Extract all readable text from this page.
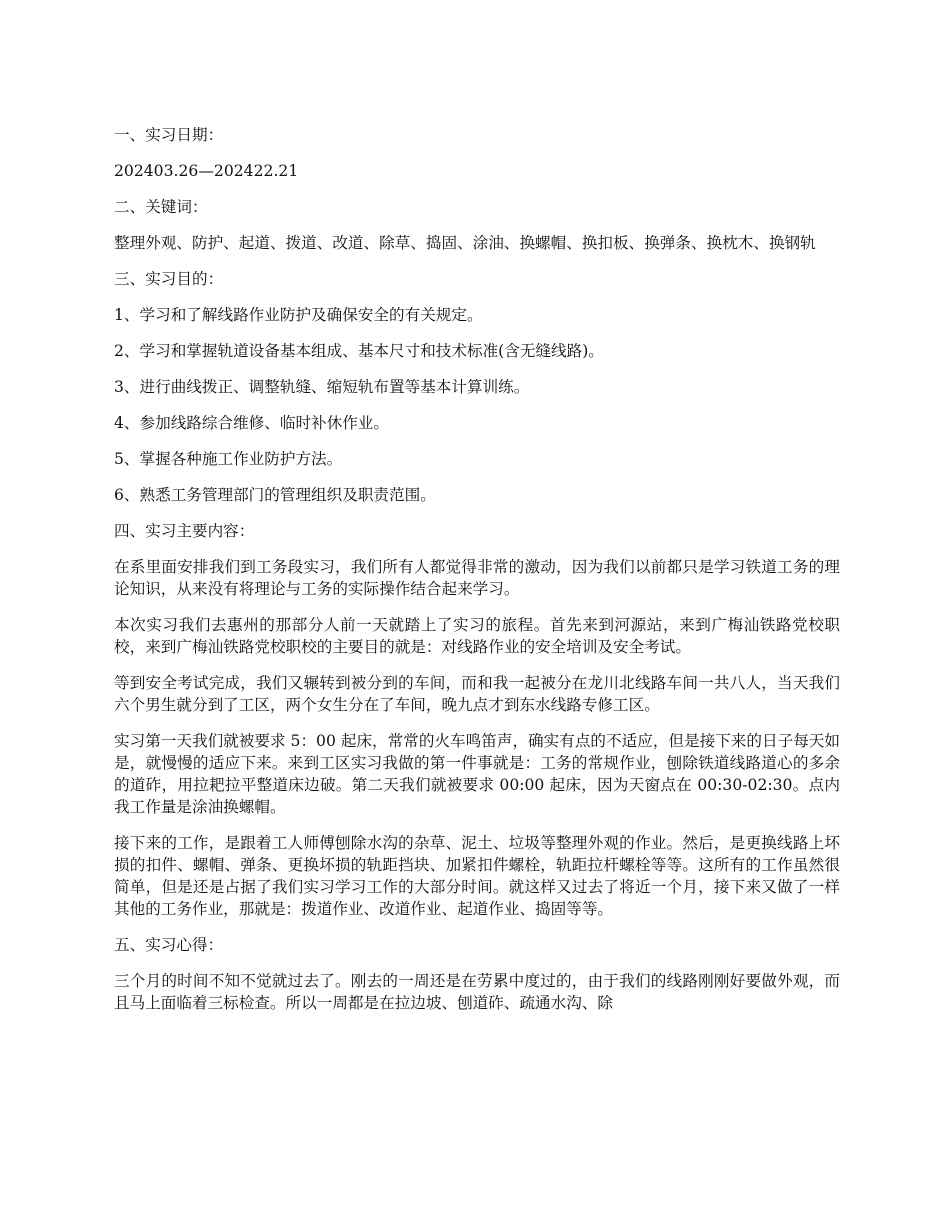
一、实习日期：

202403.26—202422.21

二、关键词：

整理外观、防护、起道、拨道、改道、除草、捣固、涂油、换螺帽、换扣板、换弹条、换枕木、换钢轨

三、实习目的：

1、学习和了解线路作业防护及确保安全的有关规定。

2、学习和掌握轨道设备基本组成、基本尺寸和技术标准(含无缝线路)。

3、进行曲线拨正、调整轨缝、缩短轨布置等基本计算训练。

4、参加线路综合维修、临时补休作业。

5、掌握各种施工作业防护方法。

6、熟悉工务管理部门的管理组织及职责范围。

四、实习主要内容：

在系里面安排我们到工务段实习，我们所有人都觉得非常的激动，因为我们以前都只是学习铁道工务的理论知识，从来没有将理论与工务的实际操作结合起来学习。

本次实习我们去惠州的那部分人前一天就踏上了实习的旅程。首先来到河源站，来到广梅汕铁路党校职校，来到广梅汕铁路党校职校的主要目的就是：对线路作业的安全培训及安全考试。

等到安全考试完成，我们又辗转到被分到的车间，而和我一起被分在龙川北线路车间一共八人，当天我们六个男生就分到了工区，两个女生分在了车间，晚九点才到东水线路专修工区。

实习第一天我们就被要求 5：00 起床，常常的火车鸣笛声，确实有点的不适应，但是接下来的日子每天如是，就慢慢的适应下来。来到工区实习我做的第一件事就是：工务的常规作业，刨除铁道线路道心的多余的道砟，用拉耙拉平整道床边破。第二天我们就被要求 00:00 起床，因为天窗点在 00:30-02:30。点内我工作量是涂油换螺帽。

接下来的工作，是跟着工人师傅刨除水沟的杂草、泥土、垃圾等整理外观的作业。然后，是更换线路上坏损的扣件、螺帽、弹条、更换坏损的轨距挡块、加紧扣件螺栓，轨距拉杆螺栓等等。这所有的工作虽然很简单，但是还是占据了我们实习学习工作的大部分时间。就这样又过去了将近一个月，接下来又做了一样其他的工务作业，那就是：拨道作业、改道作业、起道作业、捣固等等。

五、实习心得：

三个月的时间不知不觉就过去了。刚去的一周还是在劳累中度过的，由于我们的线路刚刚好要做外观，而且马上面临着三标检查。所以一周都是在拉边坡、刨道砟、疏通水沟、除
